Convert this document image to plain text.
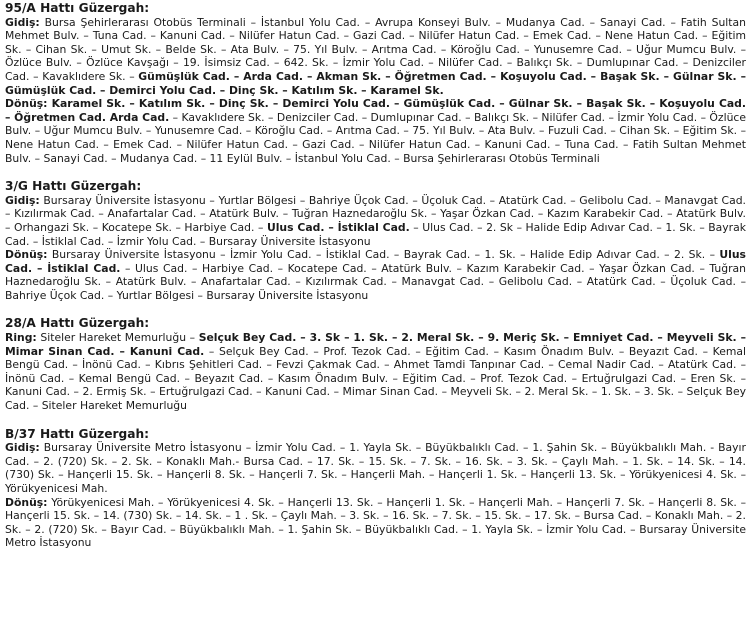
95/A Hattı Güzergah:
Gidiş: Bursa Şehirlerarası Otobüs Terminali – İstanbul Yolu Cad. – Avrupa Konseyi Bulv. – Mudanya Cad. – Sanayi Cad. – Fatih Sultan Mehmet Bulv. – Tuna Cad. – Kanuni Cad. – Nilüfer Hatun Cad. – Gazi Cad. – Nilüfer Hatun Cad. – Emek Cad. – Nene Hatun Cad. – Eğitim Sk. – Cihan Sk. – Umut Sk. – Belde Sk. – Ata Bulv. – 75. Yıl Bulv. – Arıtma Cad. – Köroğlu Cad. – Yunusemre Cad. – Uğur Mumcu Bulv. – Özlüce Bulv. – Özlüce Kavşağı – 19. İsimsiz Cad. – 642. Sk. – İzmir Yolu Cad. – Nilüfer Cad. – Balıkçı Sk. – Dumlupınar Cad. – Denizciler Cad. – Kavaklıdere Sk. – Gümüşlük Cad. – Arda Cad. – Akman Sk. – Öğretmen Cad. – Koşuyolu Cad. – Başak Sk. – Gülnar Sk. – Gümüşlük Cad. – Demirci Yolu Cad. – Dinç Sk. – Katılım Sk. – Karamel Sk.
Dönüş: Karamel Sk. – Katılım Sk. – Dinç Sk. – Demirci Yolu Cad. – Gümüşlük Cad. – Gülnar Sk. – Başak Sk. – Koşuyolu Cad. – Öğretmen Cad. Arda Cad. – Kavaklıdere Sk. – Denizciler Cad. – Dumlupınar Cad. – Balıkçı Sk. – Nilüfer Cad. – İzmir Yolu Cad. – Özlüce Bulv. – Uğur Mumcu Bulv. – Yunusemre Cad. – Köroğlu Cad. – Arıtma Cad. – 75. Yıl Bulv. – Ata Bulv. – Fuzuli Cad. – Cihan Sk. – Eğitim Sk. – Nene Hatun Cad. – Emek Cad. – Nilüfer Hatun Cad. – Gazi Cad. – Nilüfer Hatun Cad. – Kanuni Cad. – Tuna Cad. – Fatih Sultan Mehmet Bulv. – Sanayi Cad. – Mudanya Cad. – 11 Eylül Bulv. – İstanbul Yolu Cad. – Bursa Şehirlerarası Otobüs Terminali
3/G Hattı Güzergah:
Gidiş: Bursaray Üniversite İstasyonu – Yurtlar Bölgesi – Bahriye Üçok Cad. – Üçoluk Cad. – Atatürk Cad. – Gelibolu Cad. – Manavgat Cad. – Kızılırmak Cad. – Anafartalar Cad. – Atatürk Bulv. – Tuğran Haznedaroğlu Sk. – Yaşar Özkan Cad. – Kazım Karabekir Cad. – Atatürk Bulv. – Orhangazi Sk. – Kocatepe Sk. – Harbiye Cad. – Ulus Cad. – İstiklal Cad. – Ulus Cad. – 2. Sk – Halide Edip Adıvar Cad. – 1. Sk. – Bayrak Cad. – İstiklal Cad. – İzmir Yolu Cad. – Bursaray Üniversite İstasyonu
Dönüş: Bursaray Üniversite İstasyonu – İzmir Yolu Cad. – İstiklal Cad. – Bayrak Cad. – 1. Sk. – Halide Edip Adıvar Cad. – 2. Sk. – Ulus Cad. – İstiklal Cad. – Ulus Cad. – Harbiye Cad. – Kocatepe Cad. – Atatürk Bulv. – Kazım Karabekir Cad. – Yaşar Özkan Cad. – Tuğran Haznedaroğlu Sk. – Atatürk Bulv. – Anafartalar Cad. – Kızılırmak Cad. – Manavgat Cad. – Gelibolu Cad. – Atatürk Cad. – Üçoluk Cad. – Bahriye Üçok Cad. – Yurtlar Bölgesi – Bursaray Üniversite İstasyonu
28/A Hattı Güzergah:
Ring: Siteler Hareket Memurluğu – Selçuk Bey Cad. – 3. Sk – 1. Sk. – 2. Meral Sk. – 9. Meriç Sk. – Emniyet Cad. – Meyveli Sk. – Mimar Sinan Cad. – Kanuni Cad. – Selçuk Bey Cad. – Prof. Tezok Cad. – Eğitim Cad. – Kasım Önadım Bulv. – Beyazıt Cad. – Kemal Bengü Cad. – İnönü Cad. – Kıbrıs Şehitleri Cad. – Fevzi Çakmak Cad. – Ahmet Tamdi Tanpınar Cad. – Cemal Nadir Cad. – Atatürk Cad. – İnönü Cad. – Kemal Bengü Cad. – Beyazıt Cad. – Kasım Önadım Bulv. – Eğitim Cad. – Prof. Tezok Cad. – Ertuğrulgazi Cad. – Eren Sk. – Kanuni Cad. – 2. Ermiş Sk. – Ertuğrulgazi Cad. – Kanuni Cad. – Mimar Sinan Cad. – Meyveli Sk. – 2. Meral Sk. – 1. Sk. – 3. Sk. – Selçuk Bey Cad. – Siteler Hareket Memurluğu
B/37 Hattı Güzergah:
Gidiş: Bursaray Üniversite Metro İstasyonu – İzmir Yolu Cad. – 1. Yayla Sk. – Büyükbalıklı Cad. – 1. Şahin Sk. – Büyükbalıklı Mah. - Bayır Cad. – 2. (720) Sk. – 2. Sk. – Konaklı Mah.- Bursa Cad. – 17. Sk. – 15. Sk. – 7. Sk. – 16. Sk. – 3. Sk. – Çaylı Mah. – 1. Sk. – 14. Sk. – 14. (730) Sk. – Hançerli 15. Sk. – Hançerli 8. Sk. – Hançerli 7. Sk. – Hançerli Mah. – Hançerli 1. Sk. – Hançerli 13. Sk. – Yörükyenicesi 4. Sk. – Yörükyenicesi Mah.
Dönüş: Yörükyenicesi Mah. – Yörükyenicesi 4. Sk. – Hançerli 13. Sk. – Hançerli 1. Sk. – Hançerli Mah. – Hançerli 7. Sk. – Hançerli 8. Sk. – Hançerli 15. Sk. – 14. (730) Sk. – 14. Sk. – 1 . Sk. – Çaylı Mah. – 3. Sk. – 16. Sk. – 7. Sk. – 15. Sk. – 17. Sk. – Bursa Cad. – Konaklı Mah. – 2. Sk. – 2. (720) Sk. – Bayır Cad. – Büyükbalıklı Mah. – 1. Şahin Sk. – Büyükbalıklı Cad. – 1. Yayla Sk. – İzmir Yolu Cad. – Bursaray Üniversite Metro İstasyonu
